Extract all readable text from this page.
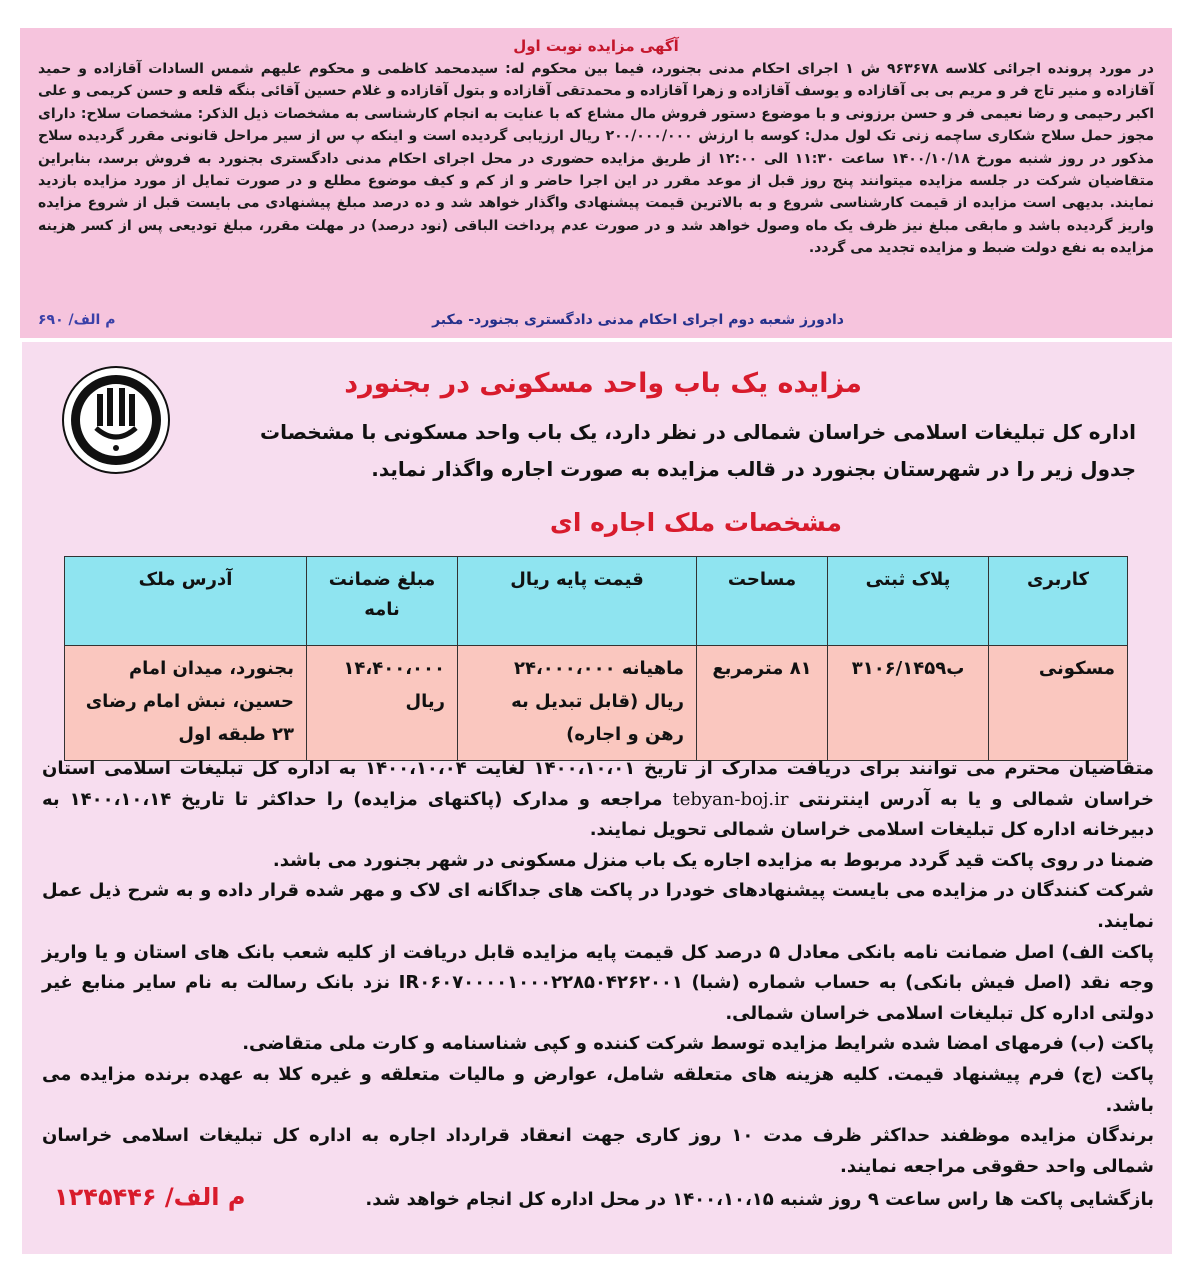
آگهی مزایده نوبت اول
در مورد پرونده اجرائی کلاسه ۹۶۳۶۷۸ ش ۱ اجرای احکام مدنی بجنورد، فیما بین محکوم له: سیدمحمد کاظمی و محکوم علیهم شمس السادات آقازاده و حمید آقازاده و منیر تاج فر و مریم بی بی آقازاده و یوسف آقازاده و زهرا آقازاده و محمدتقی آقازاده و بتول آقازاده و غلام حسین آقائی بنگه قلعه و حسن کریمی و علی اکبر رحیمی و رضا نعیمی فر و حسن برزونی و با موضوع دستور فروش مال مشاع که با عنایت به انجام کارشناسی به مشخصات ذیل الذکر: مشخصات سلاح: دارای مجوز حمل سلاح شکاری ساچمه زنی تک لول مدل: کوسه با ارزش ۲۰۰/۰۰۰/۰۰۰ ریال ارزیابی گردیده است و اینکه پ س از سیر مراحل قانونی مقرر گردیده سلاح مذکور در روز شنبه مورخ ۱۴۰۰/۱۰/۱۸ ساعت ۱۱:۳۰ الی ۱۲:۰۰ از طریق مزایده حضوری در محل اجرای احکام مدنی دادگستری بجنورد به فروش برسد، بنابراین متقاضیان شرکت در جلسه مزایده میتوانند پنج روز قبل از موعد مقرر در این اجرا حاضر و از کم و کیف موضوع مطلع و در صورت تمایل از مورد مزایده بازدید نمایند. بدیهی است مزایده از قیمت کارشناسی شروع و به بالاترین قیمت پیشنهادی واگذار خواهد شد و ده درصد مبلغ پیشنهادی می بایست قبل از شروع مزایده واریز گردیده باشد و مابقی مبلغ نیز ظرف یک ماه وصول خواهد شد و در صورت عدم پرداخت الباقی (نود درصد) در مهلت مقرر، مبلغ تودیعی پس از کسر هزینه مزایده به نفع دولت ضبط و مزایده تجدید می گردد.
دادورز شعبه دوم اجرای احکام مدنی دادگستری بجنورد- مکبر
م الف/ ۶۹۰
مزایده یک باب واحد مسکونی در بجنورد
اداره کل تبلیغات اسلامی خراسان شمالی در نظر دارد، یک باب واحد مسکونی با مشخصات جدول زیر را در شهرستان بجنورد در قالب مزایده به صورت اجاره واگذار نماید.
مشخصات ملک اجاره ای
کاربری	پلاک ثبتی	مساحت	قیمت پایه ریال	مبلغ ضمانت نامه	آدرس ملک
مسکونی	ب۳۱۰۶/۱۴۵۹	۸۱ مترمربع	ماهیانه ۲۴،۰۰۰،۰۰۰ ریال (قابل تبدیل به رهن و اجاره)	۱۴،۴۰۰،۰۰۰ ریال	بجنورد، میدان امام حسین، نبش امام رضای ۲۳ طبقه اول

متقاضیان محترم می توانند برای دریافت مدارک از تاریخ ۱۴۰۰،۱۰،۰۱ لغایت ۱۴۰۰،۱۰،۰۴ به اداره کل تبلیغات اسلامی استان خراسان شمالی و یا به آدرس اینترنتی tebyan-boj.ir مراجعه و مدارک (پاکتهای مزایده) را حداکثر تا تاریخ ۱۴۰۰،۱۰،۱۴ به دبیرخانه اداره کل تبلیغات اسلامی خراسان شمالی تحویل نمایند.

ضمنا در روی پاکت قید گردد مربوط به مزایده اجاره یک باب منزل مسکونی در شهر بجنورد می باشد.

شرکت کنندگان در مزایده می بایست پیشنهادهای خودرا در پاکت های جداگانه ای لاک و مهر شده قرار داده و به شرح ذیل عمل نمایند.

پاکت الف) اصل ضمانت نامه بانکی معادل ۵ درصد کل قیمت پایه مزایده قابل دریافت از کلیه شعب بانک های استان و یا واریز وجه نقد (اصل فیش بانکی) به حساب شماره (شبا) IR۰۶۰۷۰۰۰۰۱۰۰۰۲۲۸۵۰۴۲۶۲۰۰۱ نزد بانک رسالت به نام سایر منابع غیر دولتی اداره کل تبلیغات اسلامی خراسان شمالی.

پاکت (ب) فرمهای امضا شده شرایط مزایده توسط شرکت کننده و کپی شناسنامه و کارت ملی متقاضی.

پاکت (ج) فرم پیشنهاد قیمت. کلیه هزینه های متعلقه شامل، عوارض و مالیات متعلقه و غیره کلا به عهده برنده مزایده می باشد.

برندگان مزایده موظفند حداکثر ظرف مدت ۱۰ روز کاری جهت انعقاد قرارداد اجاره به اداره کل تبلیغات اسلامی خراسان شمالی واحد حقوقی مراجعه نمایند.

بازگشایی پاکت ها راس ساعت ۹ روز شنبه ۱۴۰۰،۱۰،۱۵ در محل اداره کل انجام خواهد شد.
م الف/ ۱۲۴۵۴۴۶
